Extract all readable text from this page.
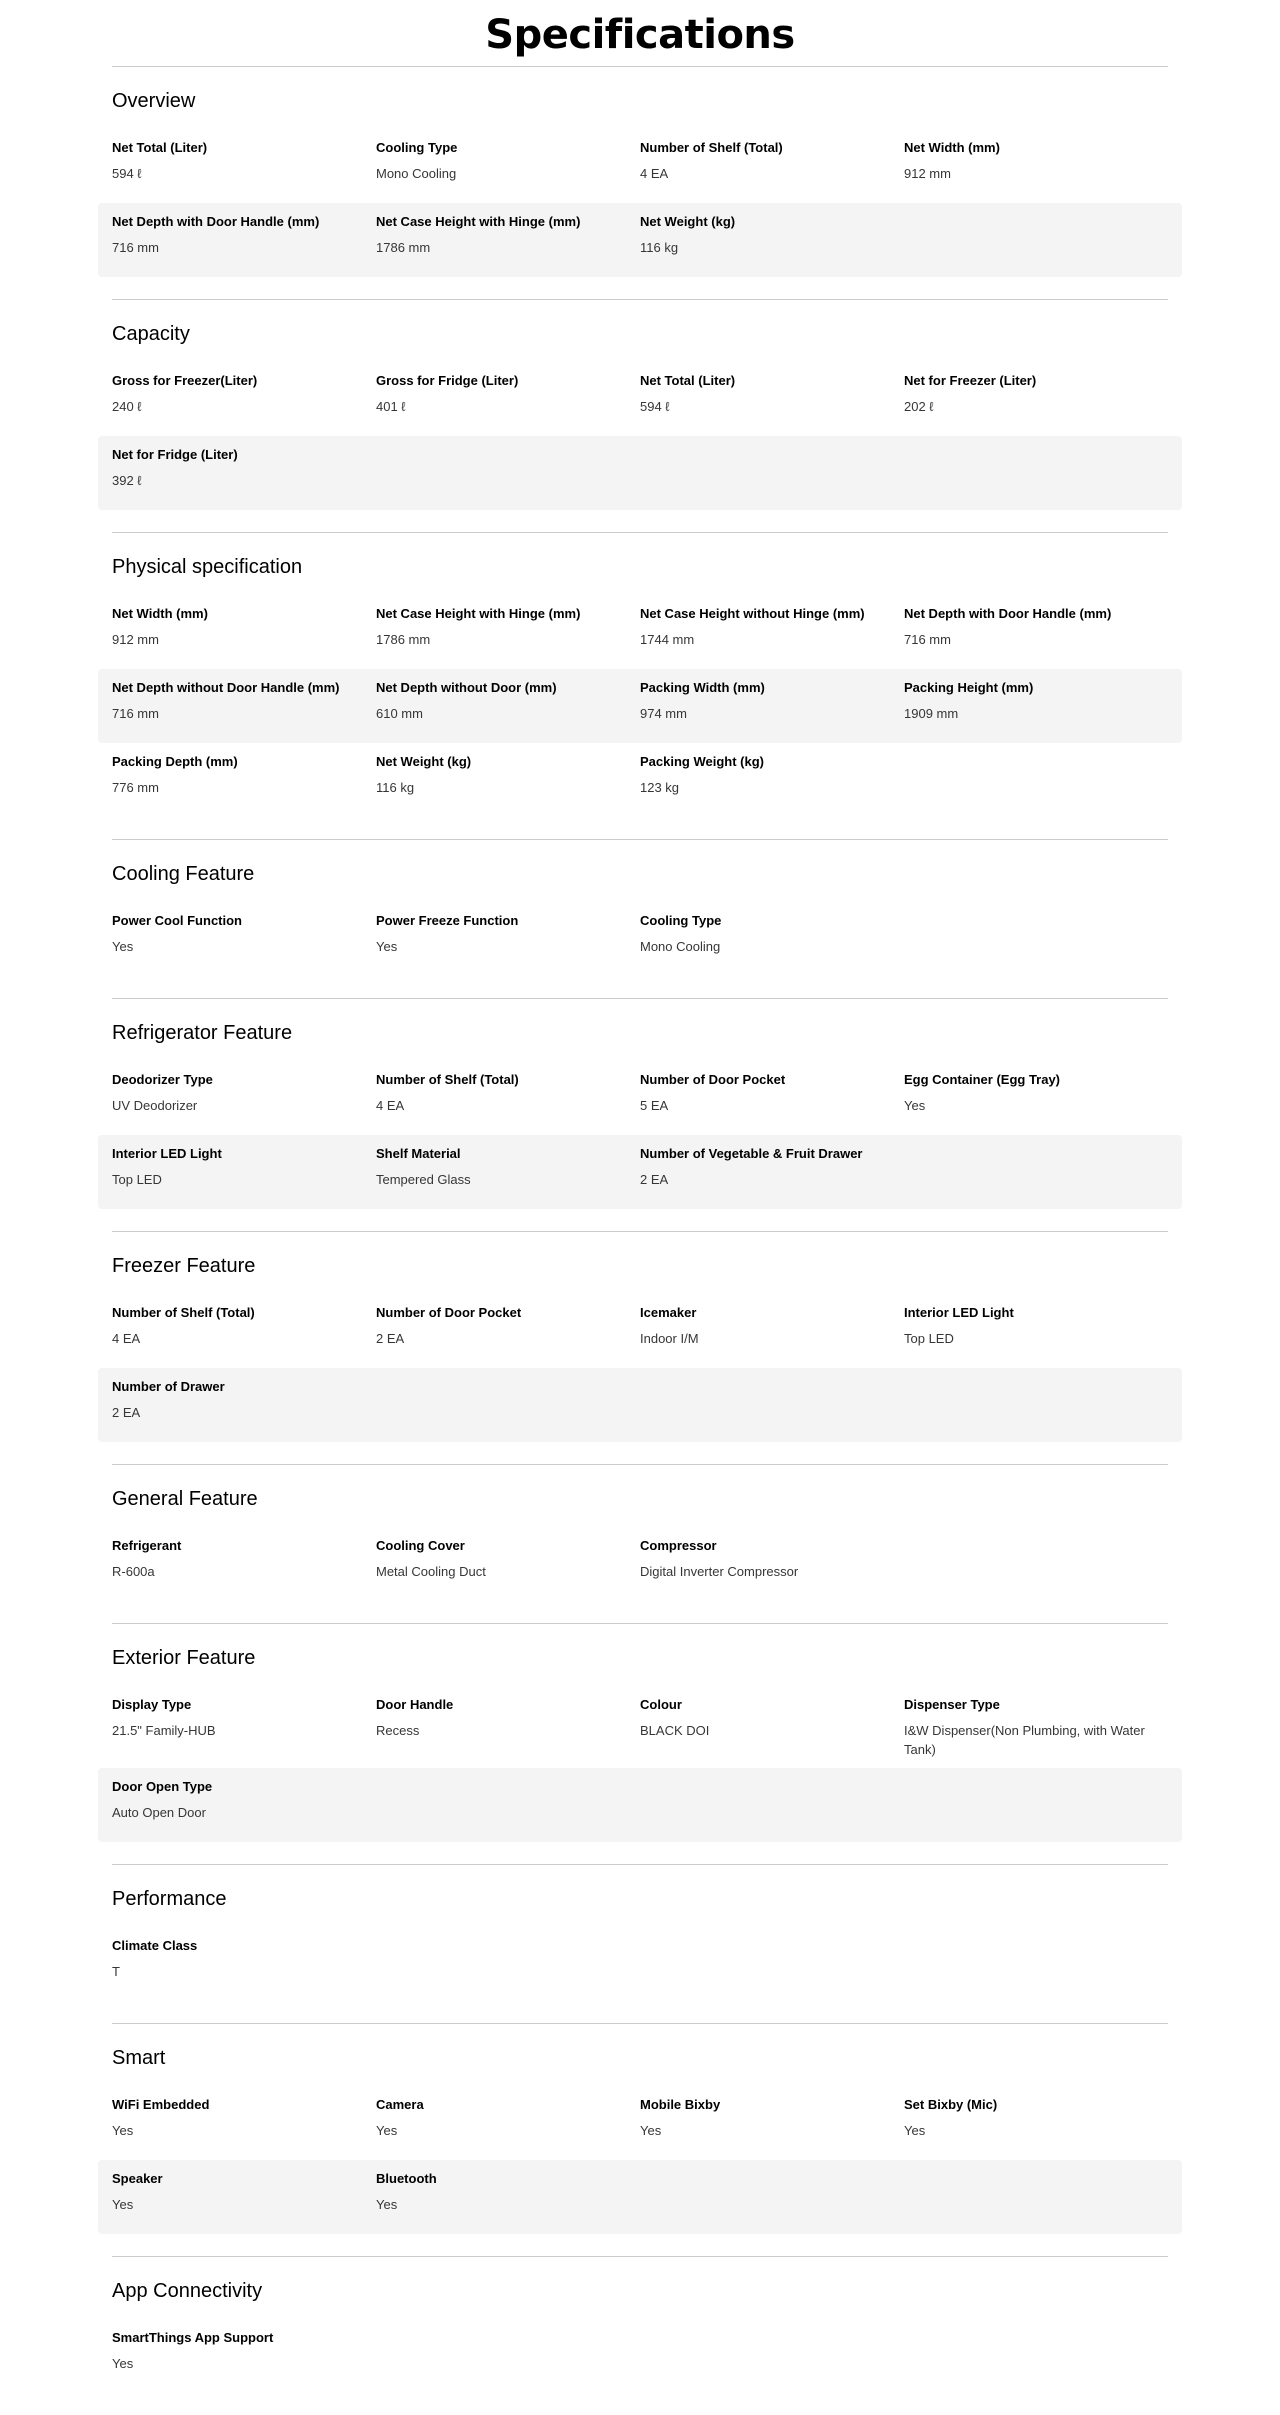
Specifications
Overview
Net Total (Liter)
594 ℓ
Cooling Type
Mono Cooling
Number of Shelf (Total)
4 EA
Net Width (mm)
912 mm
Net Depth with Door Handle (mm)
716 mm
Net Case Height with Hinge (mm)
1786 mm
Net Weight (kg)
116 kg
Capacity
Gross for Freezer(Liter)
240 ℓ
Gross for Fridge (Liter)
401 ℓ
Net Total (Liter)
594 ℓ
Net for Freezer (Liter)
202 ℓ
Net for Fridge (Liter)
392 ℓ
Physical specification
Net Width (mm)
912 mm
Net Case Height with Hinge (mm)
1786 mm
Net Case Height without Hinge (mm)
1744 mm
Net Depth with Door Handle (mm)
716 mm
Net Depth without Door Handle (mm)
716 mm
Net Depth without Door (mm)
610 mm
Packing Width (mm)
974 mm
Packing Height (mm)
1909 mm
Packing Depth (mm)
776 mm
Net Weight (kg)
116 kg
Packing Weight (kg)
123 kg
Cooling Feature
Power Cool Function
Yes
Power Freeze Function
Yes
Cooling Type
Mono Cooling
Refrigerator Feature
Deodorizer Type
UV Deodorizer
Number of Shelf (Total)
4 EA
Number of Door Pocket
5 EA
Egg Container (Egg Tray)
Yes
Interior LED Light
Top LED
Shelf Material
Tempered Glass
Number of Vegetable & Fruit Drawer
2 EA
Freezer Feature
Number of Shelf (Total)
4 EA
Number of Door Pocket
2 EA
Icemaker
Indoor I/M
Interior LED Light
Top LED
Number of Drawer
2 EA
General Feature
Refrigerant
R-600a
Cooling Cover
Metal Cooling Duct
Compressor
Digital Inverter Compressor
Exterior Feature
Display Type
21.5" Family-HUB
Door Handle
Recess
Colour
BLACK DOI
Dispenser Type
I&W Dispenser(Non Plumbing, with Water Tank)
Door Open Type
Auto Open Door
Performance
Climate Class
T
Smart
WiFi Embedded
Yes
Camera
Yes
Mobile Bixby
Yes
Set Bixby (Mic)
Yes
Speaker
Yes
Bluetooth
Yes
App Connectivity
SmartThings App Support
Yes
